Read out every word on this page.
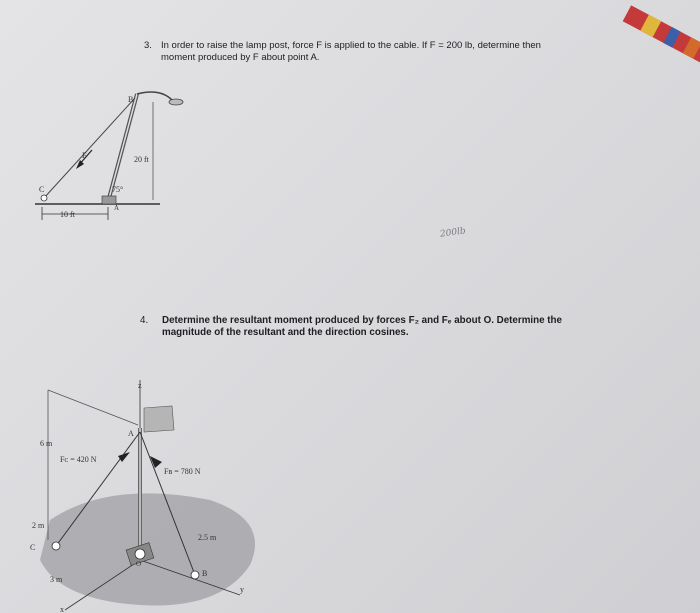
3. In order to raise the lamp post, force F is applied to the cable. If F = 200 lb, determine then
moment produced by F about point A.
4. Determine the resultant moment produced by forces F₂ and Fₑ about O. Determine the
magnitude of the resultant and the direction cosines.
200lb
B
F
C
A
20 ft
75°
10 ft
z
A
O
B
C
y
x
6 m
2 m
3 m
2.5 m
Fᴄ = 420 N
Fʙ = 780 N
